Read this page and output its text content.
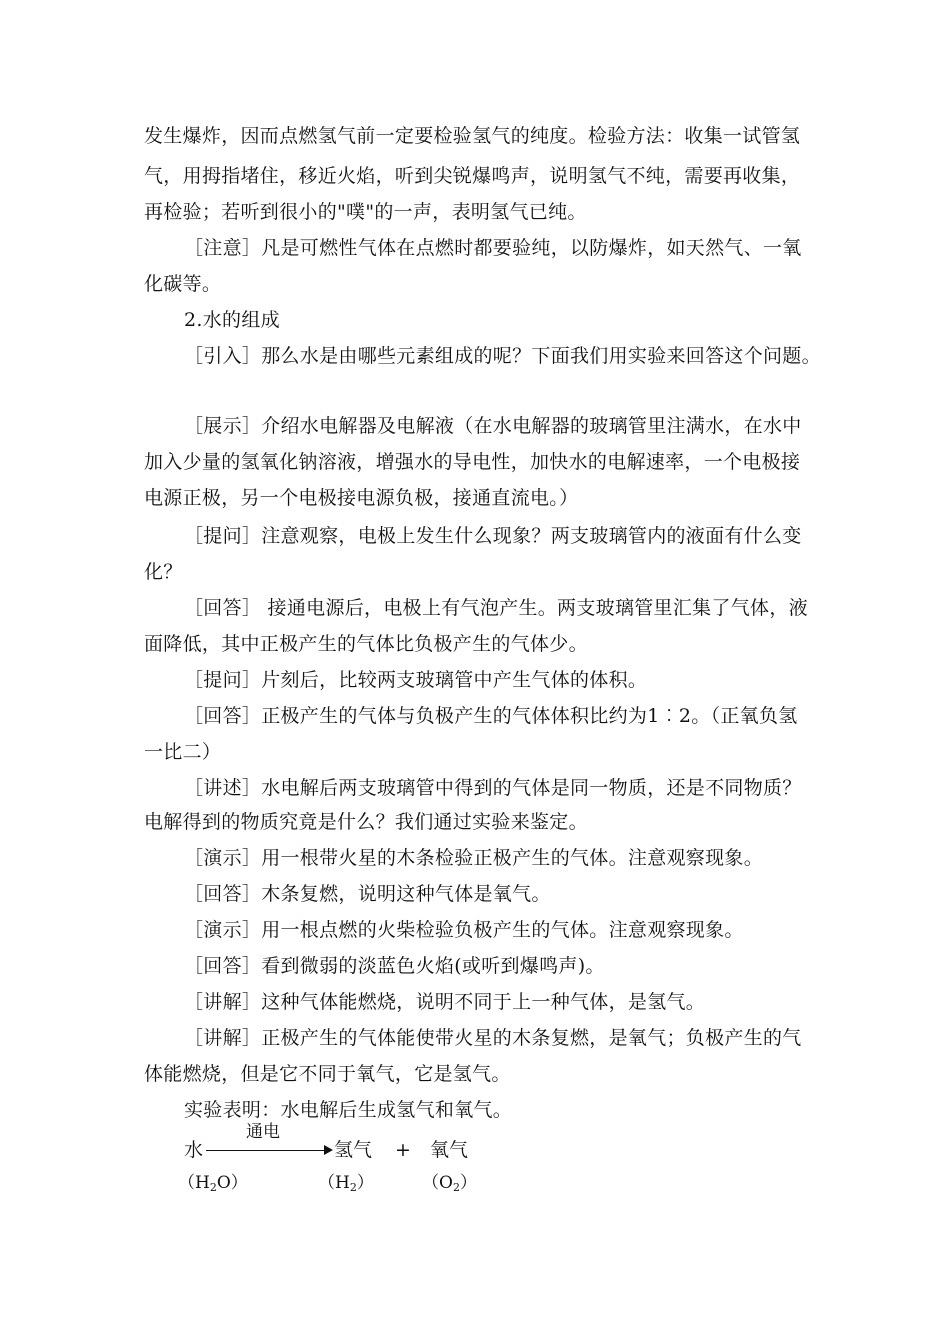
发生爆炸，因而点燃氢气前一定要检验氢气的纯度。检验方法：收集一试管氢
气，用拇指堵住，移近火焰，听到尖锐爆鸣声，说明氢气不纯，需要再收集，
再检验；若听到很小的"噗"的一声，表明氢气已纯。
［注意］凡是可燃性气体在点燃时都要验纯，以防爆炸，如天然气、一氧
化碳等。
2.水的组成
［引入］那么水是由哪些元素组成的呢？下面我们用实验来回答这个问题。
［展示］介绍水电解器及电解液（在水电解器的玻璃管里注满水，在水中
加入少量的氢氧化钠溶液，增强水的导电性，加快水的电解速率，一个电极接
电源正极，另一个电极接电源负极，接通直流电。）
［提问］注意观察，电极上发生什么现象？两支玻璃管内的液面有什么变
化？
［回答］ 接通电源后，电极上有气泡产生。两支玻璃管里汇集了气体，液
面降低，其中正极产生的气体比负极产生的气体少。
［提问］片刻后，比较两支玻璃管中产生气体的体积。
［回答］正极产生的气体与负极产生的气体体积比约为1︰2。（正氧负氢
一比二）
［讲述］水电解后两支玻璃管中得到的气体是同一物质，还是不同物质？
电解得到的物质究竟是什么？我们通过实验来鉴定。
［演示］用一根带火星的木条检验正极产生的气体。注意观察现象。
［回答］木条复燃，说明这种气体是氧气。
［演示］用一根点燃的火柴检验负极产生的气体。注意观察现象。
［回答］看到微弱的淡蓝色火焰(或听到爆鸣声)。
［讲解］这种气体能燃烧，说明不同于上一种气体，是氢气。
［讲解］正极产生的气体能使带火星的木条复燃，是氧气；负极产生的气
体能燃烧，但是它不同于氧气，它是氢气。
实验表明：水电解后生成氢气和氧气。
水
通电
氢气 + 氧气
$(H_2O)$	$(H_2)$	$(O_2)$
